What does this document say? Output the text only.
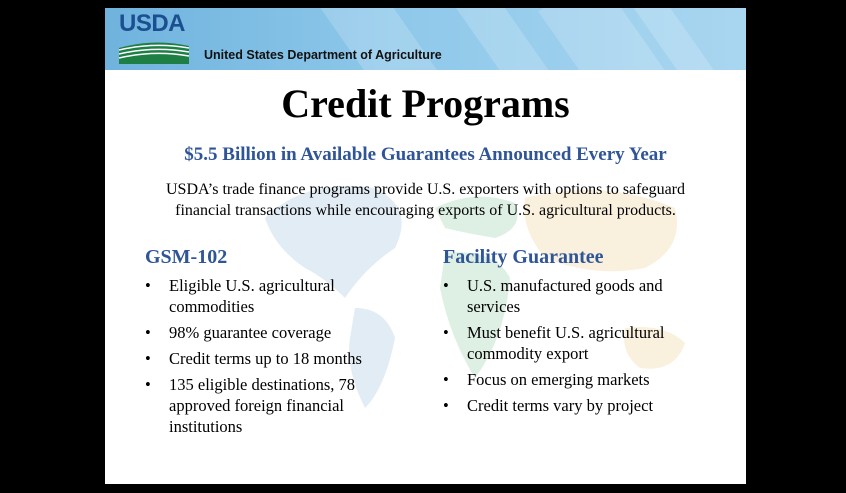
USDA
United States Department of Agriculture
Credit Programs
$5.5 Billion in Available Guarantees Announced Every Year
USDA’s trade finance programs provide U.S. exporters with options to safeguard
financial transactions while encouraging exports of U.S. agricultural products.
GSM-102
• Eligible U.S. agricultural commodities
• 98% guarantee coverage
• Credit terms up to 18 months
• 135 eligible destinations, 78 approved foreign financial institutions
Facility Guarantee
• U.S. manufactured goods and services
• Must benefit U.S. agricultural commodity export
• Focus on emerging markets
• Credit terms vary by project
